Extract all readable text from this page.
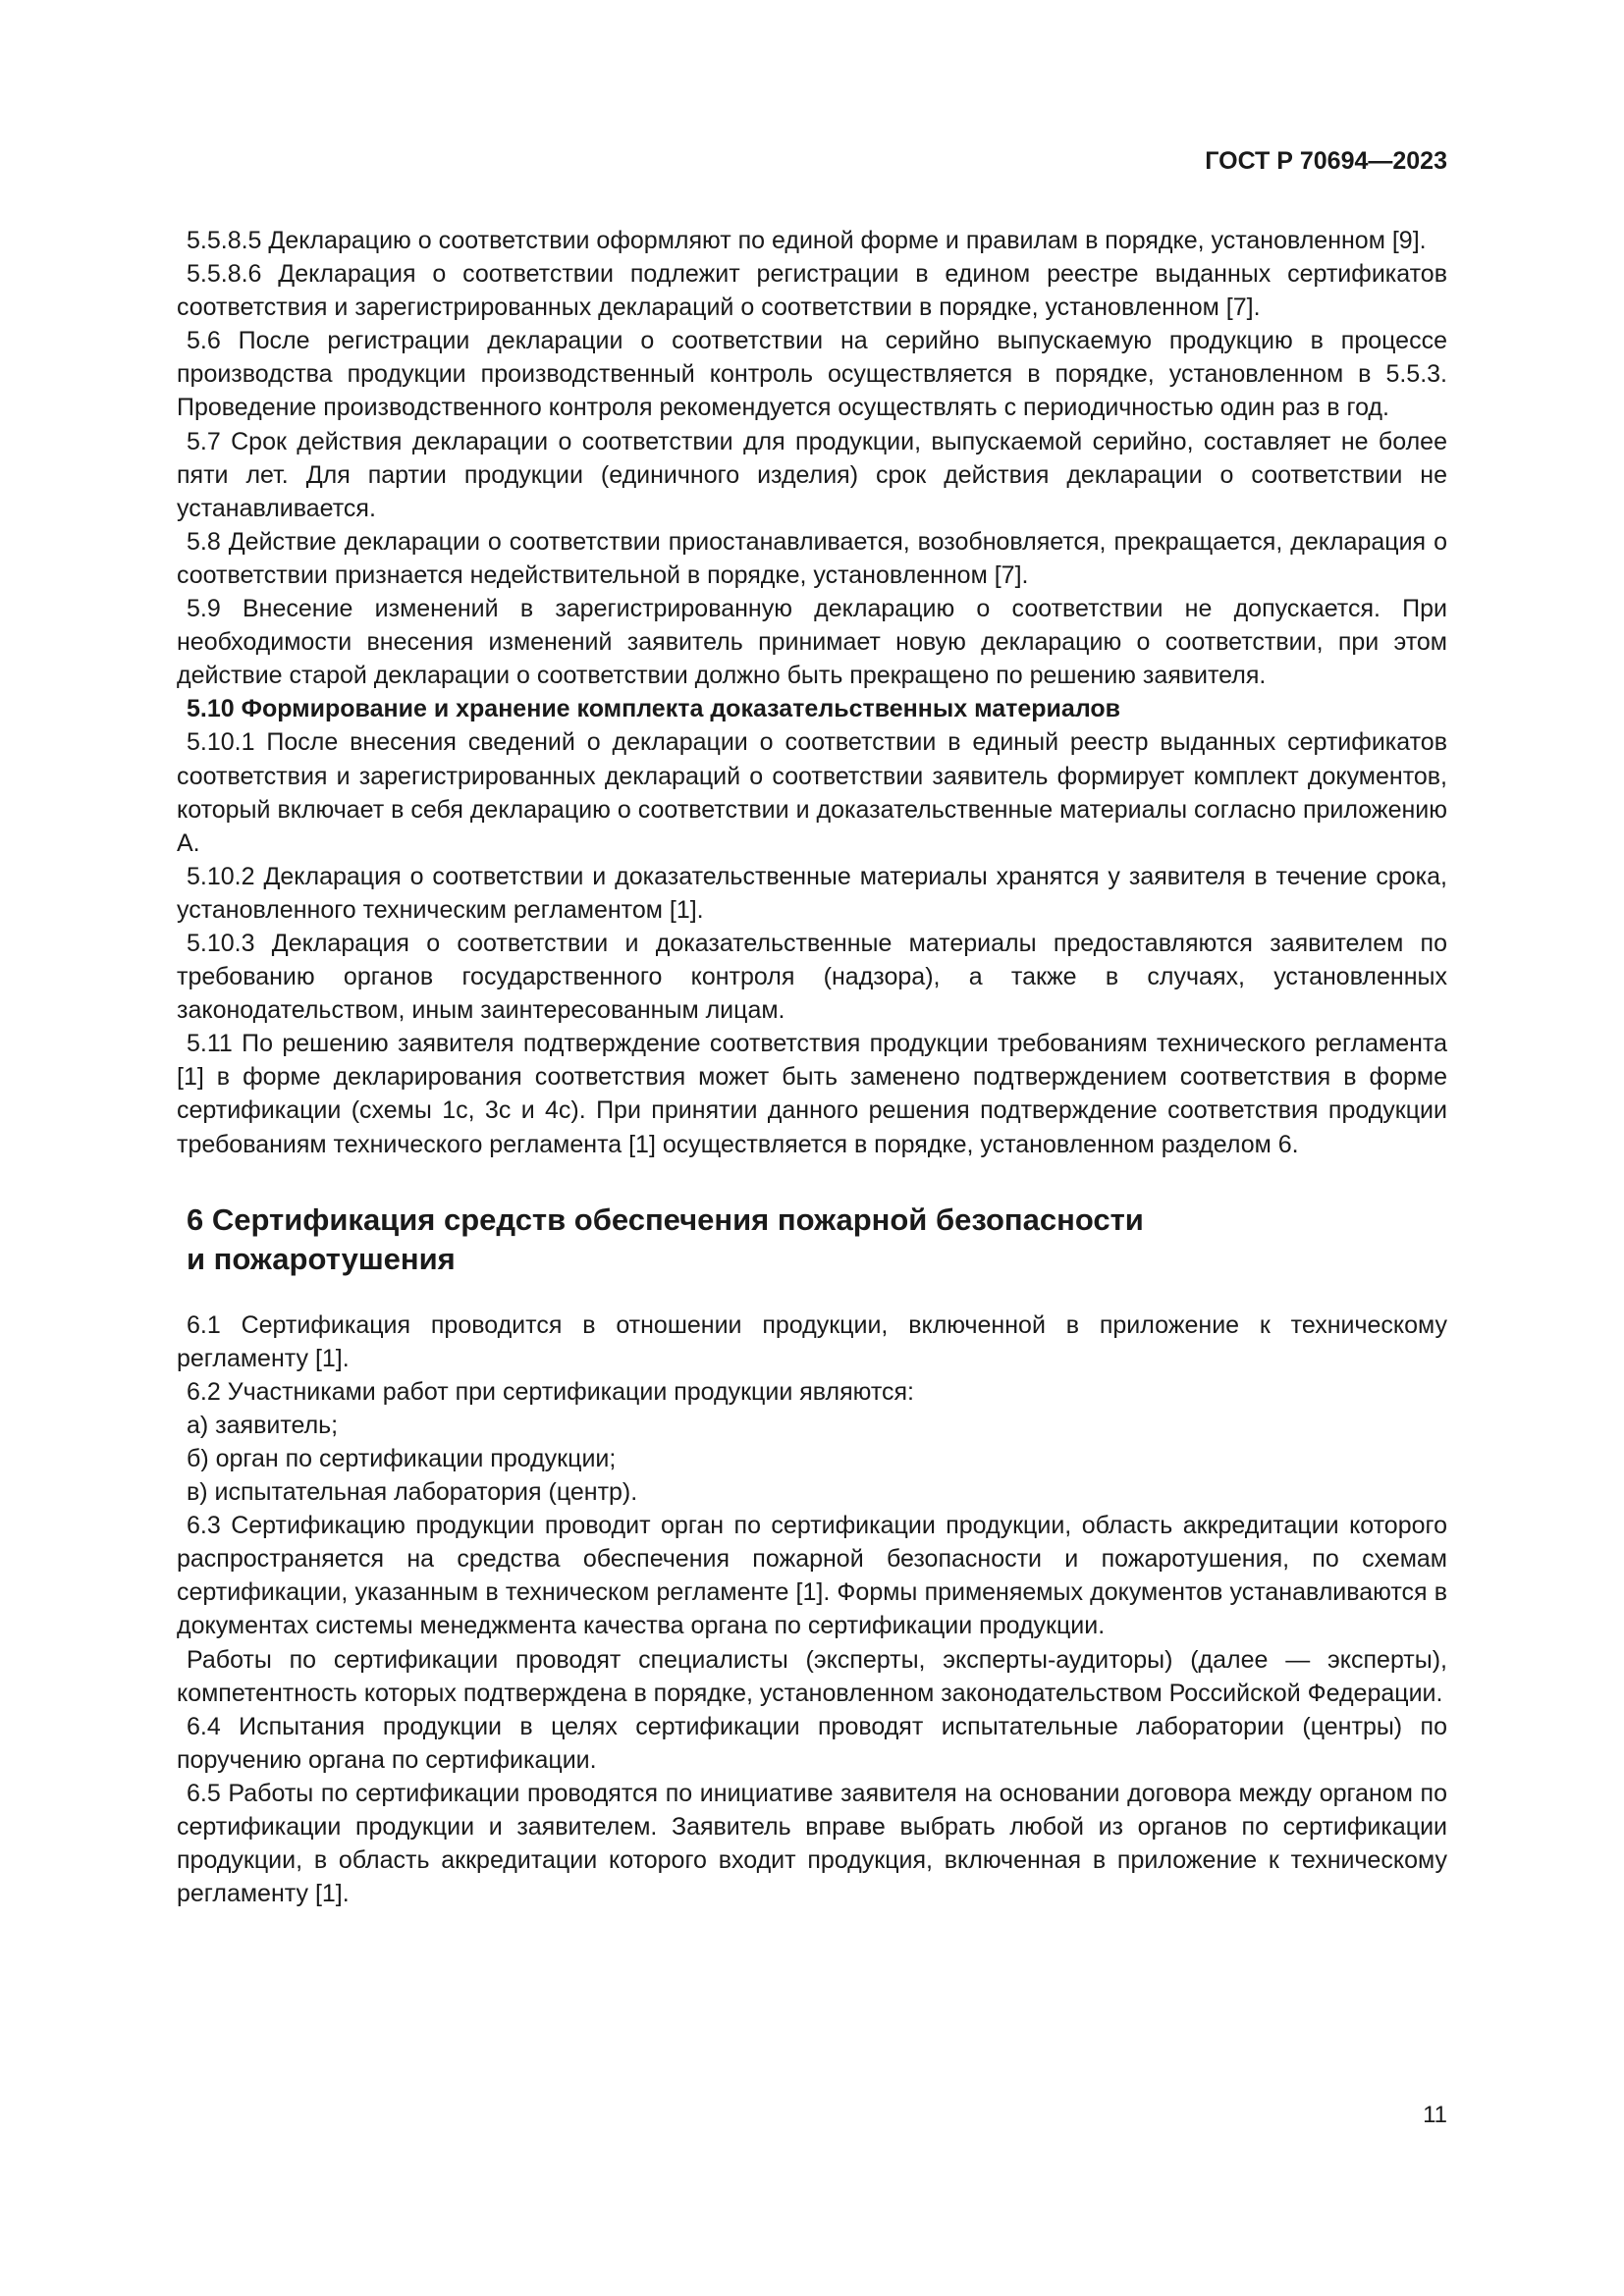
ГОСТ Р 70694—2023

5.5.8.5 Декларацию о соответствии оформляют по единой форме и правилам в порядке, установленном [9].

5.5.8.6 Декларация о соответствии подлежит регистрации в едином реестре выданных сертификатов соответствия и зарегистрированных деклараций о соответствии в порядке, установленном [7].

5.6 После регистрации декларации о соответствии на серийно выпускаемую продукцию в процессе производства продукции производственный контроль осуществляется в порядке, установленном в 5.5.3. Проведение производственного контроля рекомендуется осуществлять с периодичностью один раз в год.

5.7 Срок действия декларации о соответствии для продукции, выпускаемой серийно, составляет не более пяти лет. Для партии продукции (единичного изделия) срок действия декларации о соответствии не устанавливается.

5.8 Действие декларации о соответствии приостанавливается, возобновляется, прекращается, декларация о соответствии признается недействительной в порядке, установленном [7].

5.9 Внесение изменений в зарегистрированную декларацию о соответствии не допускается. При необходимости внесения изменений заявитель принимает новую декларацию о соответствии, при этом действие старой декларации о соответствии должно быть прекращено по решению заявителя.

5.10 Формирование и хранение комплекта доказательственных материалов

5.10.1 После внесения сведений о декларации о соответствии в единый реестр выданных сертификатов соответствия и зарегистрированных деклараций о соответствии заявитель формирует комплект документов, который включает в себя декларацию о соответствии и доказательственные материалы согласно приложению А.

5.10.2 Декларация о соответствии и доказательственные материалы хранятся у заявителя в течение срока, установленного техническим регламентом [1].

5.10.3 Декларация о соответствии и доказательственные материалы предоставляются заявителем по требованию органов государственного контроля (надзора), а также в случаях, установленных законодательством, иным заинтересованным лицам.

5.11 По решению заявителя подтверждение соответствия продукции требованиям технического регламента [1] в форме декларирования соответствия может быть заменено подтверждением соответствия в форме сертификации (схемы 1с, 3с и 4с). При принятии данного решения подтверждение соответствия продукции требованиям технического регламента [1] осуществляется в порядке, установленном разделом 6.

6 Сертификация средств обеспечения пожарной безопасности
и пожаротушения

6.1 Сертификация проводится в отношении продукции, включенной в приложение к техническому регламенту [1].

6.2 Участниками работ при сертификации продукции являются:

а) заявитель;

б) орган по сертификации продукции;

в) испытательная лаборатория (центр).

6.3 Сертификацию продукции проводит орган по сертификации продукции, область аккредитации которого распространяется на средства обеспечения пожарной безопасности и пожаротушения, по схемам сертификации, указанным в техническом регламенте [1]. Формы применяемых документов устанавливаются в документах системы менеджмента качества органа по сертификации продукции.

Работы по сертификации проводят специалисты (эксперты, эксперты-аудиторы) (далее — эксперты), компетентность которых подтверждена в порядке, установленном законодательством Российской Федерации.

6.4 Испытания продукции в целях сертификации проводят испытательные лаборатории (центры) по поручению органа по сертификации.

6.5 Работы по сертификации проводятся по инициативе заявителя на основании договора между органом по сертификации продукции и заявителем. Заявитель вправе выбрать любой из органов по сертификации продукции, в область аккредитации которого входит продукция, включенная в приложение к техническому регламенту [1].

11
